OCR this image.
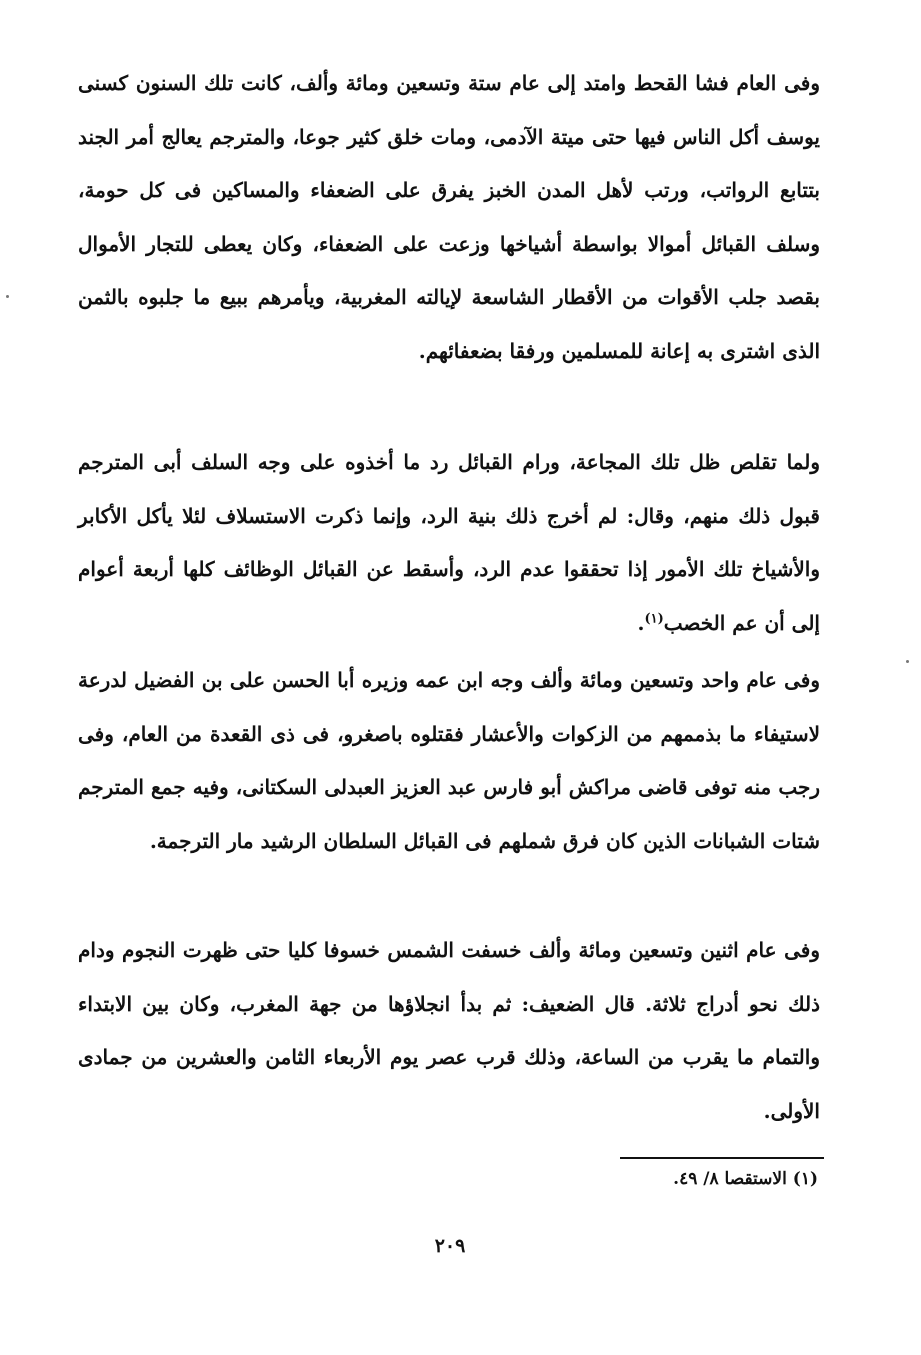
وفى العام فشا القحط وامتد إلى عام ستة وتسعين ومائة وألف، كانت تلك السنون كسنى يوسف أكل الناس فيها حتى ميتة الآدمى، ومات خلق كثير جوعا، والمترجم يعالج أمر الجند بتتابع الرواتب، ورتب لأهل المدن الخبز يفرق على الضعفاء والمساكين فى كل حومة، وسلف القبائل أموالا بواسطة أشياخها وزعت على الضعفاء، وكان يعطى للتجار الأموال بقصد جلب الأقوات من الأقطار الشاسعة لإيالته المغربية، ويأمرهم ببيع ما جلبوه بالثمن الذى اشترى به إعانة للمسلمين ورفقا بضعفائهم.

ولما تقلص ظل تلك المجاعة، ورام القبائل رد ما أخذوه على وجه السلف أبى المترجم قبول ذلك منهم، وقال: لم أخرج ذلك بنية الرد، وإنما ذكرت الاستسلاف لئلا يأكل الأكابر والأشياخ تلك الأمور إذا تحققوا عدم الرد، وأسقط عن القبائل الوظائف كلها أربعة أعوام إلى أن عم الخصب$^{(١)}$.

وفى عام واحد وتسعين ومائة وألف وجه ابن عمه وزيره أبا الحسن على بن الفضيل لدرعة لاستيفاء ما بذممهم من الزكوات والأعشار فقتلوه باصغرو، فى ذى القعدة من العام، وفى رجب منه توفى قاضى مراكش أبو فارس عبد العزيز العبدلى السكتانى، وفيه جمع المترجم شتات الشبانات الذين كان فرق شملهم فى القبائل السلطان الرشيد مار الترجمة.

وفى عام اثنين وتسعين ومائة وألف خسفت الشمس خسوفا كليا حتى ظهرت النجوم ودام ذلك نحو أدراج ثلاثة. قال الضعيف: ثم بدأ انجلاؤها من جهة المغرب، وكان بين الابتداء والتمام ما يقرب من الساعة، وذلك قرب عصر يوم الأربعاء الثامن والعشرين من جمادى الأولى.

(١) الاستقصا ٨/ ٤٩.

٢٠٩
